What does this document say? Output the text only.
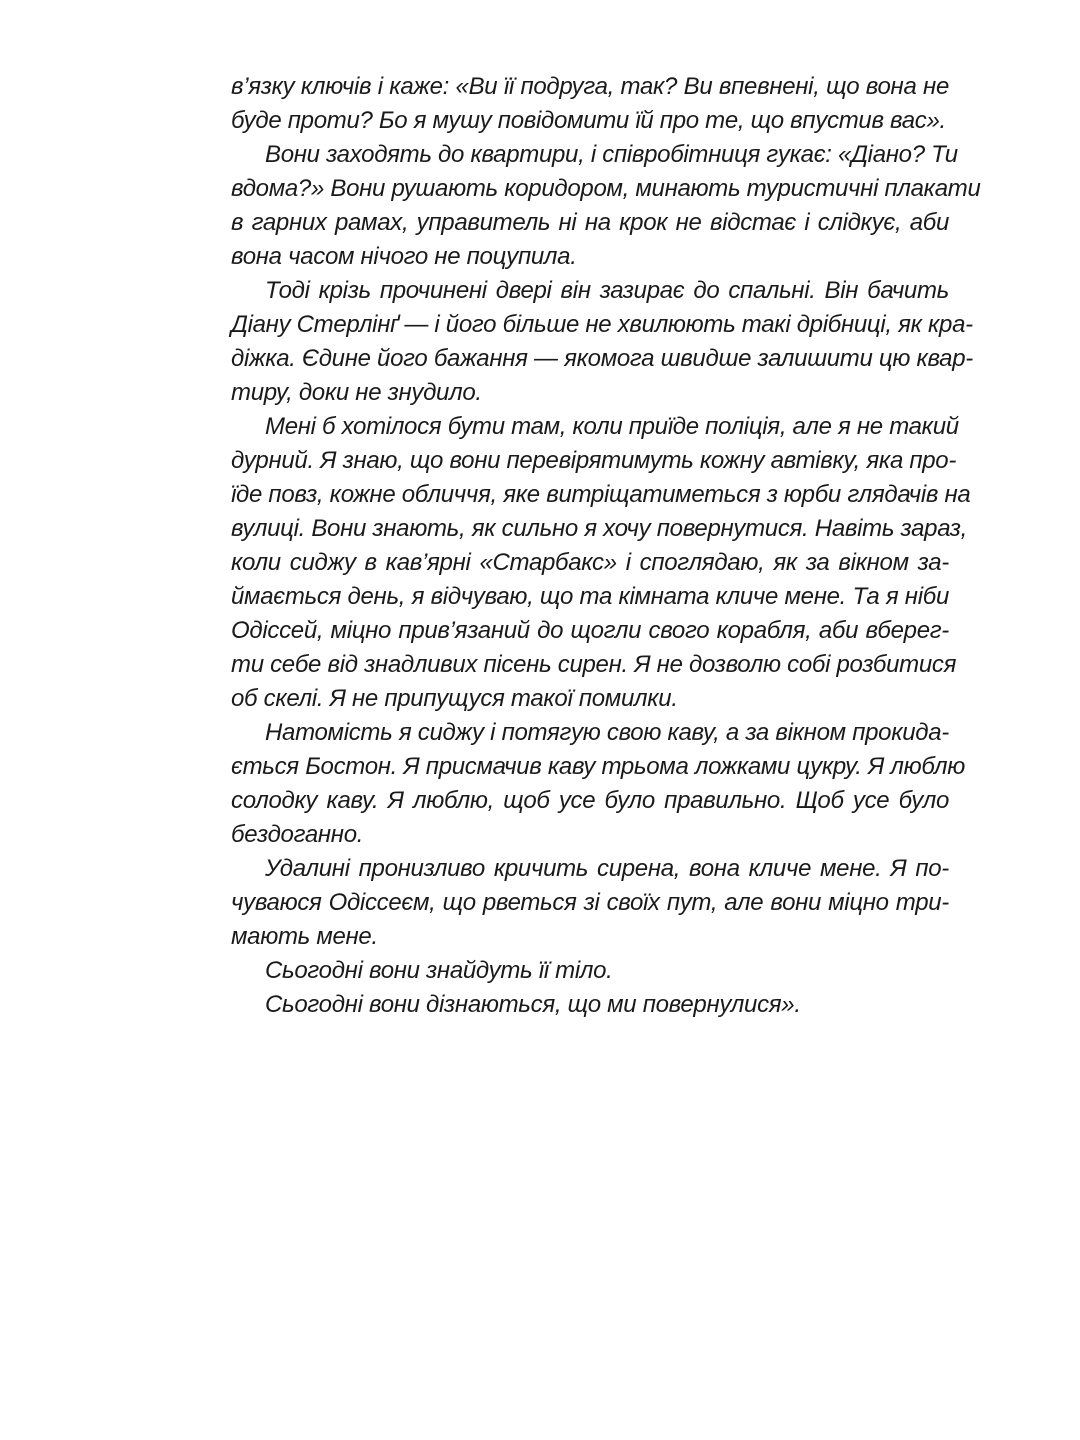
в’язку ключів і каже: «Ви її подруга, так? Ви впевнені, що вона не
буде проти? Бо я мушу повідомити їй про те, що впустив вас».
Вони заходять до квартири, і співробітниця гукає: «Діано? Ти
вдома?» Вони рушають коридором, минають туристичні плакати
в гарних рамах, управитель ні на крок не відстає і слідкує, аби
вона часом нічого не поцупила.
Тоді крізь прочинені двері він зазирає до спальні. Він бачить
Діану Стерлінґ — і його більше не хвилюють такі дрібниці, як кра-
діжка. Єдине його бажання — якомога швидше залишити цю квар-
тиру, доки не знудило.
Мені б хотілося бути там, коли приїде поліція, але я не такий
дурний. Я знаю, що вони перевірятимуть кожну автівку, яка про-
їде повз, кожне обличчя, яке витріщатиметься з юрби глядачів на
вулиці. Вони знають, як сильно я хочу повернутися. Навіть зараз,
коли сиджу в кав’ярні «Старбакс» і споглядаю, як за вікном за-
ймається день, я відчуваю, що та кімната кличе мене. Та я ніби
Одіссей, міцно прив’язаний до щогли свого корабля, аби вберег-
ти себе від знадливих пісень сирен. Я не дозволю собі розбитися
об скелі. Я не припущуся такої помилки.
Натомість я сиджу і потягую свою каву, а за вікном прокида-
ється Бостон. Я присмачив каву трьома ложками цукру. Я люблю
солодку каву. Я люблю, щоб усе було правильно. Щоб усе було
бездоганно.
Удалині пронизливо кричить сирена, вона кличе мене. Я по-
чуваюся Одіссеєм, що рветься зі своїх пут, але вони міцно три-
мають мене.
Сьогодні вони знайдуть її тіло.
Сьогодні вони дізнаються, що ми повернулися».
